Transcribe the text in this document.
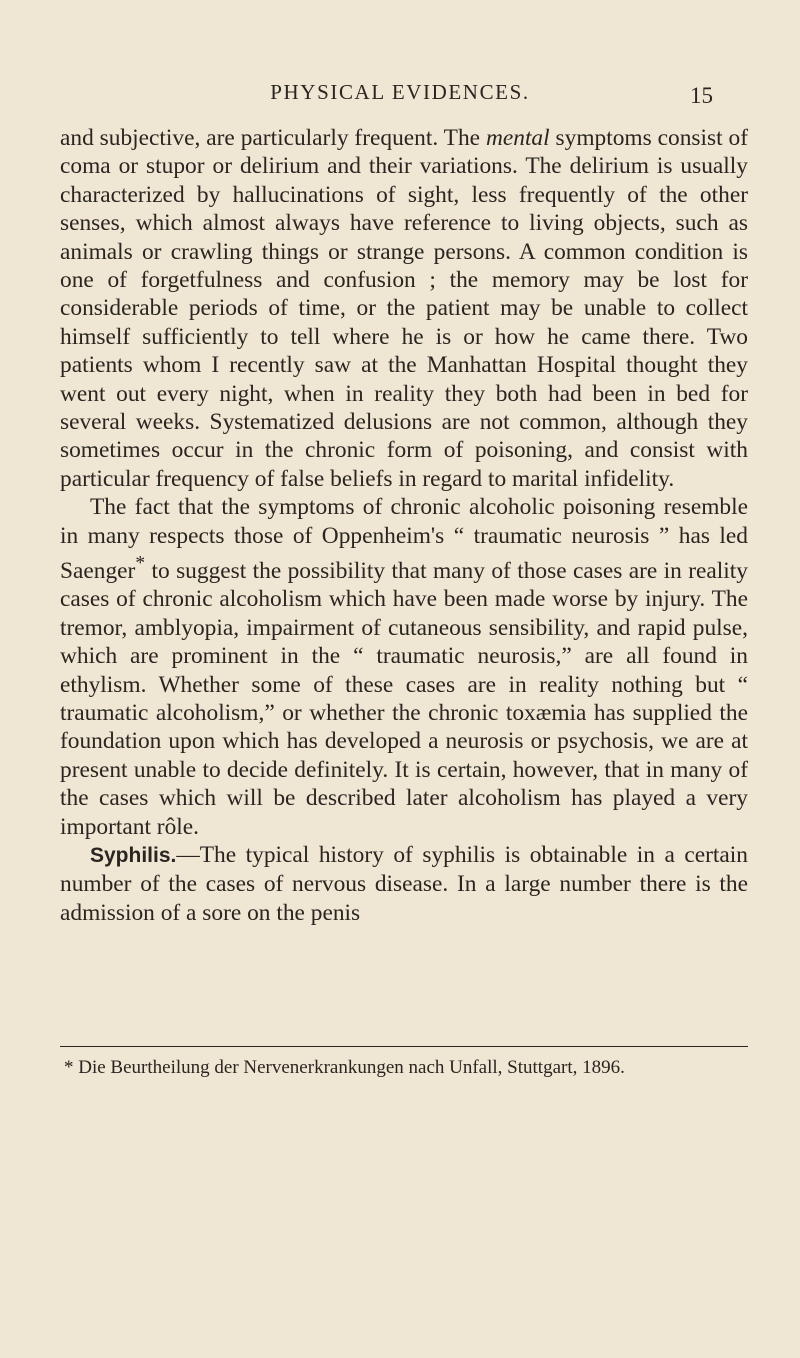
PHYSICAL EVIDENCES.	15

and subjective, are particularly frequent. The mental symptoms consist of coma or stupor or delirium and their variations. The delirium is usually characterized by hallucinations of sight, less frequently of the other senses, which almost always have reference to living objects, such as animals or crawling things or strange persons. A common condition is one of forgetfulness and confusion ; the memory may be lost for considerable periods of time, or the patient may be unable to collect himself sufficiently to tell where he is or how he came there. Two patients whom I recently saw at the Manhattan Hospital thought they went out every night, when in reality they both had been in bed for several weeks. Systematized delusions are not common, although they sometimes occur in the chronic form of poisoning, and consist with particular frequency of false beliefs in regard to marital infidelity.

The fact that the symptoms of chronic alcoholic poisoning resemble in many respects those of Oppenheim's “ traumatic neurosis ” has led Saenger* to suggest the possibility that many of those cases are in reality cases of chronic alcoholism which have been made worse by injury. The tremor, amblyopia, impairment of cutaneous sensibility, and rapid pulse, which are prominent in the “ traumatic neurosis,” are all found in ethylism. Whether some of these cases are in reality nothing but “ traumatic alcoholism,” or whether the chronic toxæmia has supplied the foundation upon which has developed a neurosis or psychosis, we are at present unable to decide definitely. It is certain, however, that in many of the cases which will be described later alcoholism has played a very important rôle.

Syphilis.—The typical history of syphilis is obtainable in a certain number of the cases of nervous disease. In a large number there is the admission of a sore on the penis

* Die Beurtheilung der Nervenerkrankungen nach Unfall, Stuttgart, 1896.
